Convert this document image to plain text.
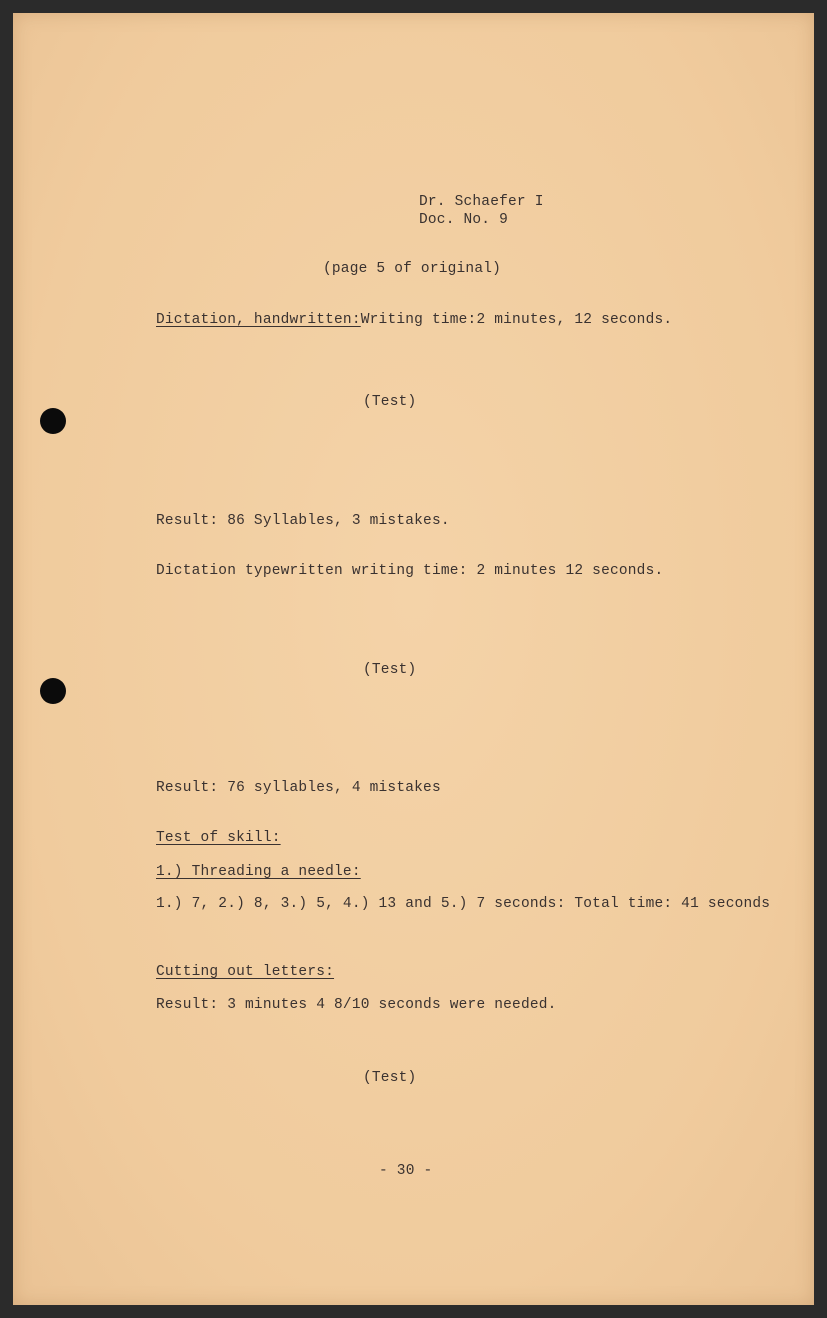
Dr. Schaefer I
Doc. No. 9
(page 5 of original)
Dictation, handwritten:Writing time:2 minutes, 12 seconds.
(Test)
Result: 86 Syllables, 3 mistakes.
Dictation typewritten writing time: 2 minutes 12 seconds.
(Test)
Result: 76 syllables, 4 mistakes
Test of skill:
1.) Threading a needle:
1.) 7, 2.) 8, 3.) 5, 4.) 13 and 5.) 7 seconds: Total time: 41 seconds
Cutting out letters:
Result: 3 minutes 4 8/10 seconds were needed.
(Test)
- 30 -
